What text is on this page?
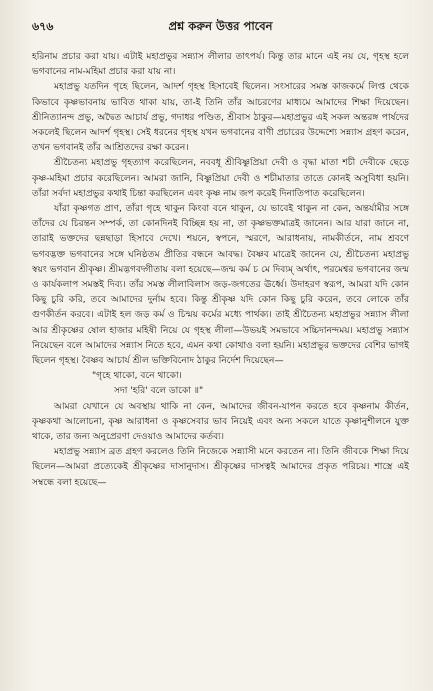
৬৭৬	প্রশ্ন করুন উত্তর পাবেন

হরিনাম প্রচার করা যায়। এটাই মহাপ্রভুর সন্ন্যাস লীলার তাৎপর্য। কিন্তু তার মানে এই নয় যে, গৃহস্থ হলে ভগবানের নাম-মহিমা প্রচার করা যায় না।

মহাপ্রভু যতদিন গৃহে ছিলেন, আদর্শ গৃহস্থ হিসাবেই ছিলেন। সংসারের সমস্ত কাজকর্মে লিপ্ত থেকে কিভাবে কৃষ্ণভাবনায় ভাবিত থাকা যায়, তা-ই তিনি তাঁর আচরণের মাধ্যমে আমাদের শিক্ষা দিয়েছেন। শ্রীনিত্যানন্দ প্রভু, অদ্বৈত আচার্য প্রভু, গদাধর পণ্ডিত, শ্রীবাস ঠাকুর—মহাপ্রভুর এই সকল অন্তরঙ্গ পার্ষদের সকলেই ছিলেন আদর্শ গৃহস্থ। সেই ধরনের গৃহস্থ যখন ভগবানের বাণী প্রচারের উদ্দেশ্যে সন্ন্যাস গ্রহণ করেন, তখন ভগবানই তাঁর আশ্রিতদের রক্ষা করেন।

শ্রীচৈতন্য মহাপ্রভু গৃহত্যাগ করেছিলেন, নববধূ শ্রীবিষ্ণুপ্রিয়া দেবী ও বৃদ্ধা মাতা শচী দেবীকে ছেড়ে কৃষ্ণ-মহিমা প্রচার করেছিলেন। আমরা জানি, বিষ্ণুপ্রিয়া দেবী ও শচীমাতার তাতে কোনই অসুবিধা হয়নি। তাঁরা সর্বদা মহাপ্রভুর কথাই চিন্তা করছিলেন এবং কৃষ্ণ নাম জপ করেই দিনাতিপাত করেছিলেন।

যাঁরা কৃষ্ণগত প্রাণ, তাঁরা গৃহে থাকুন কিংবা বনে থাকুন, যে ভাবেই থাকুন না কেন, অন্তর্যামীর সঙ্গে তাঁদের যে চিরন্তন সম্পর্ক, তা কোনদিনই বিচ্ছিন্ন হয় না, তা কৃষ্ণভক্তমাত্রই জানেন। আর যারা জানে না, তারাই ভক্তদের ছন্নছাড়া হিসাবে দেখে। শয়নে, স্বপনে, স্মরণে, আরাধনায়, নামকীর্তনে, নাম শ্রবণে ভগবদ্ভক্ত ভগবানের সঙ্গে ঘনিষ্ঠতম প্রীতির বন্ধনে আবদ্ধ। বৈষ্ণব মাত্রেই জানেন যে, শ্রীচৈতন্য মহাপ্রভু স্বয়ং ভগবান শ্রীকৃষ্ণ। শ্রীমদ্ভগবদ্গীতায় বলা হয়েছে—জন্ম কর্ম চ মে দিব্যম্ অর্থাৎ, পরমেশ্বর ভগবানের জন্ম ও কার্যকলাপ সমস্তই দিব্য। তাঁর সমস্ত লীলাবিলাস জড়-জগতের ঊর্ধ্বে। উদাহরণ স্বরূপ, আমরা যদি কোন কিছু চুরি করি, তবে আমাদের দুর্নাম হবে। কিন্তু শ্রীকৃষ্ণ যদি কোন কিছু চুরি করেন, তবে লোকে তাঁর গুণকীর্তন করবে। এটাই হল জড় কর্ম ও চিন্ময় কর্মের মধ্যে পার্থক্য। তাই শ্রীচৈতন্য মহাপ্রভুর সন্ন্যাস লীলা আর শ্রীকৃষ্ণের ষোল হাজার মহিষী নিয়ে যে গৃহস্থ লীলা—উভয়ই সমভাবে সচ্চিদানন্দময়। মহাপ্রভু সন্ন্যাস নিয়েছেন বলে আমাদের সন্ন্যাস নিতে হবে, এমন কথা কোথাও বলা হয়নি। মহাপ্রভুর ভক্তদের বেশির ভাগই ছিলেন গৃহস্থ। বৈষ্ণব আচার্য শ্রীল ভক্তিবিনোদ ঠাকুর নির্দেশ দিয়েছেন—

"গৃহে থাকো, বনে থাকো।

সদা 'হরি' বলে ডাকো ॥"

আমরা যেখানে যে অবস্থায় থাকি না কেন, আমাদের জীবন-যাপন করতে হবে কৃষ্ণনাম কীর্তন, কৃষ্ণকথা আলোচনা, কৃষ্ণ আরাধনা ও কৃষ্ণসেবার ভাব নিয়েই এবং অন্য সকলে যাতে কৃষ্ণানুশীলনে যুক্ত থাকে, তার জন্য অনুপ্রেরণা দেওয়াও আমাদের কর্তব্য।

মহাপ্রভু সন্ন্যাস ব্রত গ্রহণ করলেও তিনি নিজেকে সন্ন্যাসী মনে করতেন না। তিনি জীবকে শিক্ষা দিয়ে ছিলেন—আমরা প্রত্যেকেই শ্রীকৃষ্ণের দাসানুদাস। শ্রীকৃষ্ণের দাসত্বই আমাদের প্রকৃত পরিচয়। শাস্ত্রে এই সম্বন্ধে বলা হয়েছে—
